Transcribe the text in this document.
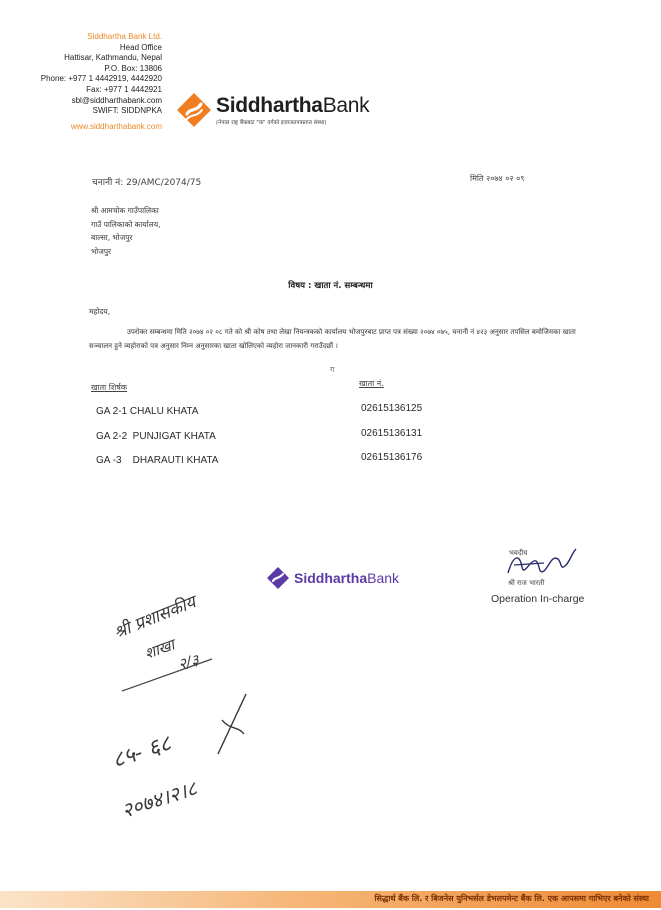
Siddhartha Bank Ltd.
Head Office
Hattisar, Kathmandu, Nepal
P.O. Box: 13806
Phone: +977 1 4442919, 4442920
Fax: +977 1 4442921
sbl@siddharthabank.com
SWIFT: SIDDNPKA
www.siddharthabank.com
SiddharthaBank
(नेपाल राष्ट्र बैंकबाट "क" वर्गको इजाजतपत्रप्राप्त संस्था)
चनानी नं: 29/AMC/2074/75	मिति २०७४ ०२ ०९
श्री आमचोक गाउँपालिका
गाउँ पालिकाको कार्यालय,
बाल्सा, भोजपुर
भोजपुर
विषय : खाता नं. सम्बन्धमा
महोदय,

उपरोक्त सम्बन्धमा मिति २०७४ ०२ ०८ गते को श्री कोष तथा लेखा नियन्त्रकको कार्यालय भोजपुरबाट प्राप्त पत्र संख्या २०७४ ०७५, चनानी नं ४२३ अनुसार तपसिल बमोजिमका खाता सञ्चालन हुने व्यहोराको पत्र अनुसार निम्न अनुसारका खाता खोलिएको व्यहोरा जानकारी गराउँदछौं ।

ग
खाता शिर्षक	खाता नं.
GA 2-1 CHALU KHATA	02615136125
GA 2-2  PUNJIGAT KHATA	02615136131
GA -3    DHARAUTI KHATA	02615136176
SiddharthaBank
भवदीय
श्री राज भारती
Operation In-charge
श्री प्रशासकीय
शाखा २/३
८५- ६८
२०७४।२।८
सिद्धार्थ बैंक लि. र बिजनेस युनिभर्सल डेभलपमेन्ट बैंक लि. एक आपसमा गाभिएर बनेको संस्था
